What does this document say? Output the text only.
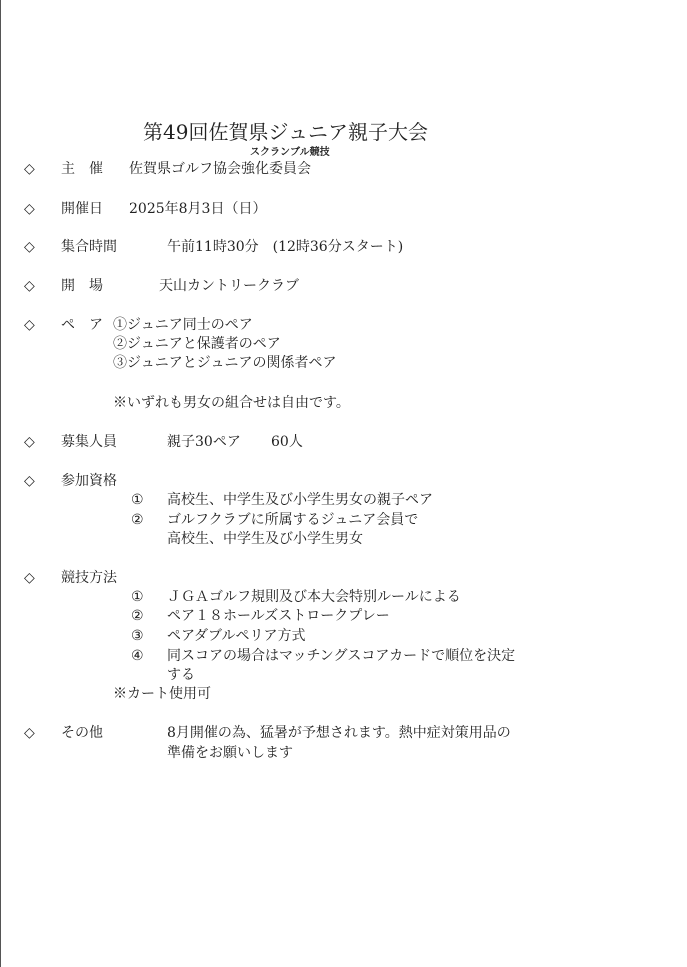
第49回佐賀県ジュニア親子大会
スクランブル競技
◇ 主　催 佐賀県ゴルフ協会強化委員会
◇ 開催日 2025年8月3日（日）
◇ 集合時間	午前11時30分　(12時36分スタート)
◇ 開　場	天山カントリークラブ
◇ ペ　ア ①ジュニア同士のペア
②ジュニアと保護者のペア
③ジュニアとジュニアの関係者ペア
※いずれも男女の組合せは自由です。
◇ 募集人員	親子30ペア 60人
◇ 参加資格
① 高校生、中学生及び小学生男女の親子ペア
② ゴルフクラブに所属するジュニア会員で
高校生、中学生及び小学生男女
◇ 競技方法
① ＪＧＡゴルフ規則及び本大会特別ルールによる
② ペア１８ホールズストロークプレー
③ ペアダブルペリア方式
④ 同スコアの場合はマッチングスコアカードで順位を決定
する
※カート使用可
◇ その他	8月開催の為、猛暑が予想されます。熱中症対策用品の
準備をお願いします
